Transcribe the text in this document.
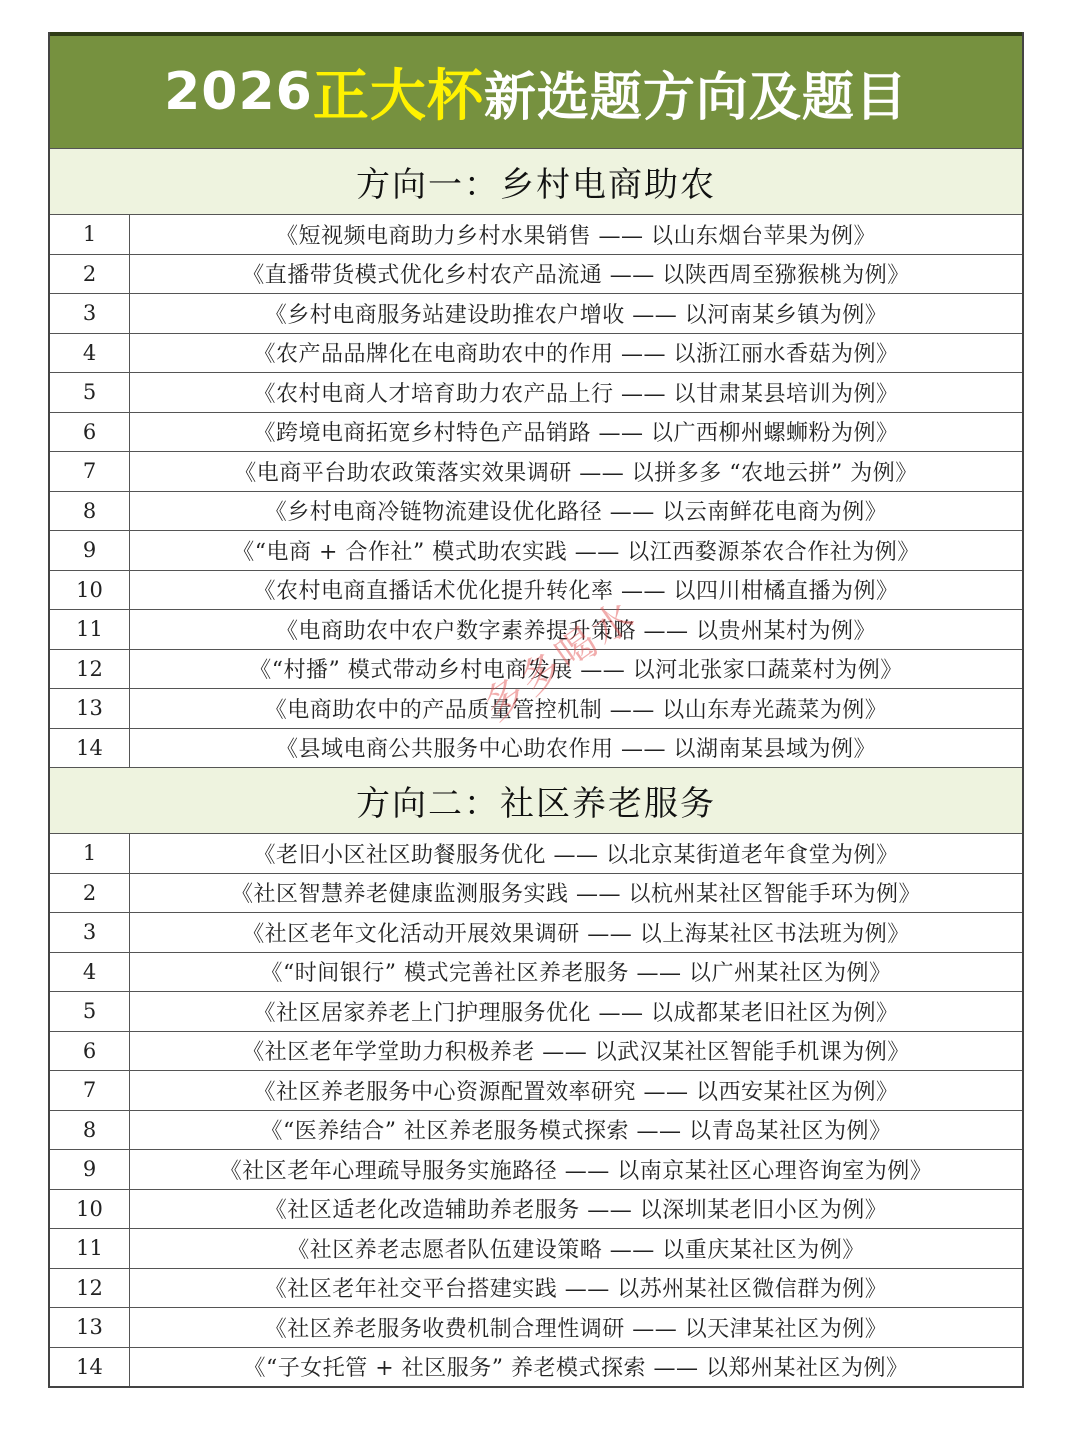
2026 正大杯 新选题方向及题目
方向一：乡村电商助农
1	《短视频电商助力乡村水果销售 —— 以山东烟台苹果为例》
2	《直播带货模式优化乡村农产品流通 —— 以陕西周至猕猴桃为例》
3	《乡村电商服务站建设助推农户增收 —— 以河南某乡镇为例》
4	《农产品品牌化在电商助农中的作用 —— 以浙江丽水香菇为例》
5	《农村电商人才培育助力农产品上行 —— 以甘肃某县培训为例》
6	《跨境电商拓宽乡村特色产品销路 —— 以广西柳州螺蛳粉为例》
7	《电商平台助农政策落实效果调研 —— 以拼多多 “农地云拼” 为例》
8	《乡村电商冷链物流建设优化路径 —— 以云南鲜花电商为例》
9	《“电商 + 合作社” 模式助农实践 —— 以江西婺源茶农合作社为例》
10	《农村电商直播话术优化提升转化率 —— 以四川柑橘直播为例》
11	《电商助农中农户数字素养提升策略 —— 以贵州某村为例》
12	《“村播” 模式带动乡村电商发展 —— 以河北张家口蔬菜村为例》
13	《电商助农中的产品质量管控机制 —— 以山东寿光蔬菜为例》
14	《县域电商公共服务中心助农作用 —— 以湖南某县域为例》
方向二：社区养老服务
1	《老旧小区社区助餐服务优化 —— 以北京某街道老年食堂为例》
2	《社区智慧养老健康监测服务实践 —— 以杭州某社区智能手环为例》
3	《社区老年文化活动开展效果调研 —— 以上海某社区书法班为例》
4	《“时间银行” 模式完善社区养老服务 —— 以广州某社区为例》
5	《社区居家养老上门护理服务优化 —— 以成都某老旧社区为例》
6	《社区老年学堂助力积极养老 —— 以武汉某社区智能手机课为例》
7	《社区养老服务中心资源配置效率研究 —— 以西安某社区为例》
8	《“医养结合” 社区养老服务模式探索 —— 以青岛某社区为例》
9	《社区老年心理疏导服务实施路径 —— 以南京某社区心理咨询室为例》
10	《社区适老化改造辅助养老服务 —— 以深圳某老旧小区为例》
11	《社区养老志愿者队伍建设策略 —— 以重庆某社区为例》
12	《社区老年社交平台搭建实践 —— 以苏州某社区微信群为例》
13	《社区养老服务收费机制合理性调研 —— 以天津某社区为例》
14	《“子女托管 + 社区服务” 养老模式探索 —— 以郑州某社区为例》
多多喝水
